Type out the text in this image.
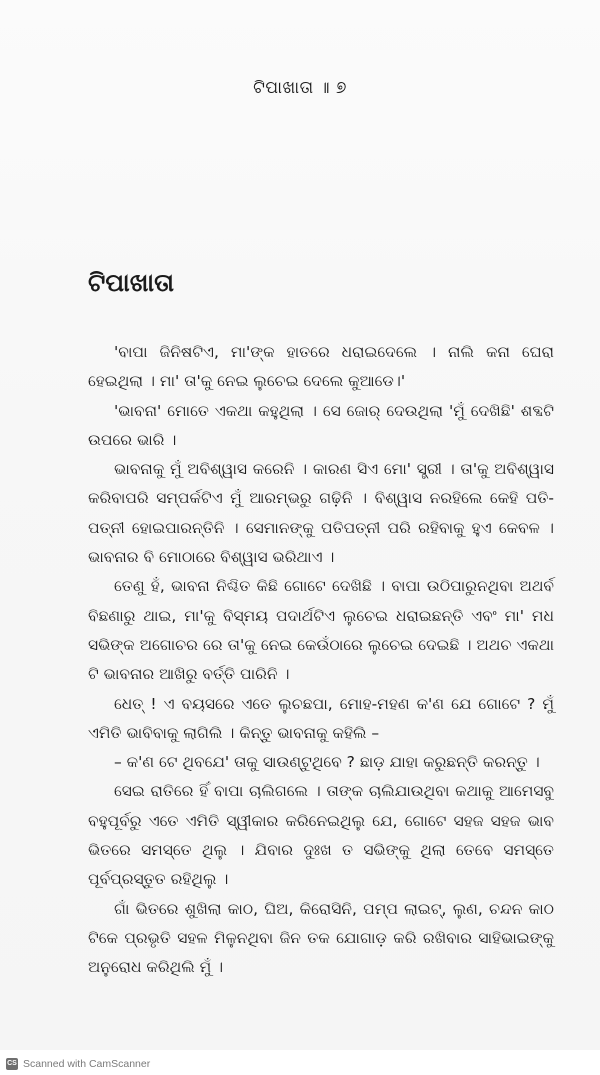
ଟିପାଖାତା ॥ ୭
ଟିପାଖାତା

'ବାପା ଜିନିଷଟିଏ, ମା'ଙ୍କ ହାତରେ ଧରାଇଦେଲେ । ନାଲି କନା ଘେରା ହେଇଥିଲା । ମା' ତା'କୁ ନେଇ ଲୁଚେଇ ଦେଲେ କୁଆଡେ।'

'ଭାବନା' ମୋତେ ଏକଥା କହୁଥିଲା । ସେ ଜୋର୍ ଦେଉଥିଲା 'ମୁଁ ଦେଖିଛି' ଶବ୍ଦଟି ଉପରେ ଭାରି ।

ଭାବନାକୁ ମୁଁ ଅବିଶ୍ୱାସ କରେନି । କାରଣ ସିଏ ମୋ' ସ୍ତ୍ରୀ । ତା'କୁ ଅବିଶ୍ୱାସ କରିବାପରି ସମ୍ପର୍କଟିଏ ମୁଁ ଆରମ୍ଭରୁ ଗଢ଼ିନି । ବିଶ୍ୱାସ ନରହିଲେ କେହି ପତି-ପତ୍ନୀ ହୋଇପାରନ୍ତିନି । ସେମାନଙ୍କୁ ପତିପତ୍ନୀ ପରି ରହିବାକୁ ହୁଏ କେବଳ । ଭାବନାର ବି ମୋଠାରେ ବିଶ୍ୱାସ ଭରିଥାଏ ।

ତେଣୁ ହଁ, ଭାବନା ନିଶ୍ଚିତ କିଛି ଗୋଟେ ଦେଖିଛି । ବାପା ଉଠିପାରୁନଥିବା ଅଥର୍ବ ବିଛଣାରୁ ଥାଇ, ମା'କୁ ବିସ୍ମୟ ପଦାର୍ଥଟିଏ ଲୁଚେଇ ଧରାଇଛନ୍ତି ଏବଂ ମା' ମଧ ସଭିଙ୍କ ଅଗୋଚର ରେ ତା'କୁ ନେଇ କେଉଁଠାରେ ଲୁଚେଇ ଦେଇଛି । ଅଥଚ ଏକଥା ଟି ଭାବନାର ଆଖିରୁ ବର୍ତ୍ତି ପାରିନି ।

ଧେତ୍ ! ଏ ବୟସରେ ଏତେ ଲୁଚଛପା, ମୋହ-ମହଣ କ'ଣ ଯେ ଗୋଟେ ? ମୁଁ ଏମିତି ଭାବିବାକୁ ଲାଗିଲି । କିନ୍ତୁ ଭାବନାକୁ କହିଲି –

– କ'ଣ ଟେ ଥିବଯେ' ତାକୁ ସାଉଣ୍ଟୁଥିବେ ? ଛାଡ଼ ଯାହା କରୁଛନ୍ତି କରନ୍ତୁ ।

ସେଇ ରାତିରେ ହିଁ ବାପା ଚାଲିଗଲେ । ତାଙ୍କ ଚାଲିଯାଉଥିବା କଥାକୁ ଆମେସବୁ ବହୁପୂର୍ବରୁ ଏତେ ଏମିତି ସ୍ୱୀକାର କରିନେଇଥିଲୁ ଯେ, ଗୋଟେ ସହଜ ସହଜ ଭାବ ଭିତରେ ସମସ୍ତେ ଥିଲୁ । ଯିବାର ଦୁଃଖ ତ ସଭିଙ୍କୁ ଥିଲା ତେବେ ସମସ୍ତେ ପୂର୍ବପ୍ରସ୍ତୁତ ରହିଥିଲୁ ।

ଗାଁ ଭିତରେ ଶୁଖିଲା କାଠ, ଘିଅ, କିରୋସିନି, ପମ୍ପ ଲାଇଟ୍, ଲୁଣ, ଚନ୍ଦନ କାଠ ଟିକେ ପ୍ରଭୃତି ସହଳ ମିଳୁନଥିବା ଜିନ ତକ ଯୋଗାଡ଼ କରି ରଖିବାର ସାହିଭାଇଙ୍କୁ ଅନୁରୋଧ କରିଥିଲି ମୁଁ ।

CS Scanned with CamScanner
